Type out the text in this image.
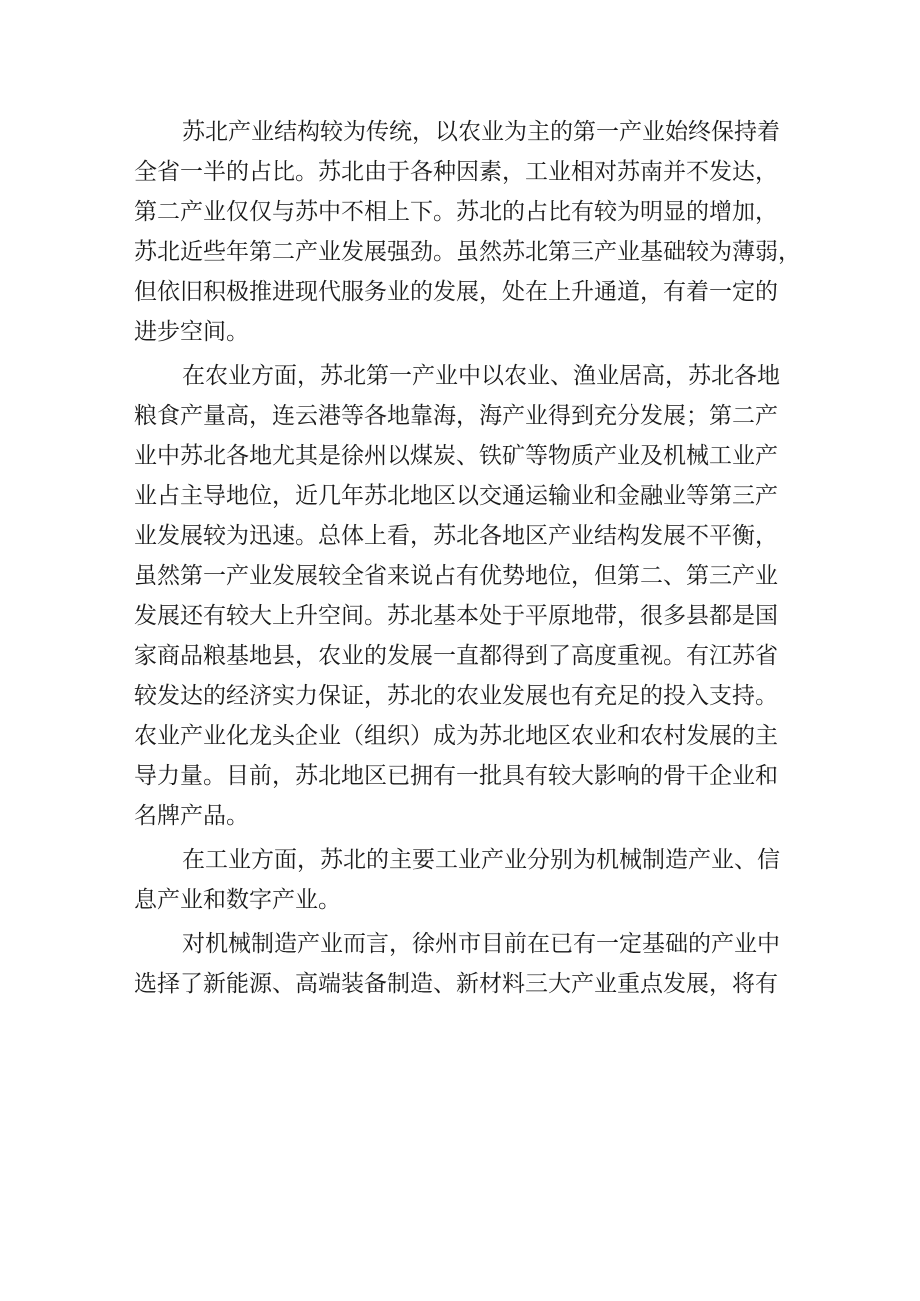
苏北产业结构较为传统，以农业为主的第一产业始终保持着
全省一半的占比。苏北由于各种因素，工业相对苏南并不发达，
第二产业仅仅与苏中不相上下。苏北的占比有较为明显的增加，
苏北近些年第二产业发展强劲。虽然苏北第三产业基础较为薄弱，
但依旧积极推进现代服务业的发展，处在上升通道，有着一定的
进步空间。

在农业方面，苏北第一产业中以农业、渔业居高，苏北各地
粮食产量高，连云港等各地靠海，海产业得到充分发展；第二产
业中苏北各地尤其是徐州以煤炭、铁矿等物质产业及机械工业产
业占主导地位，近几年苏北地区以交通运输业和金融业等第三产
业发展较为迅速。总体上看，苏北各地区产业结构发展不平衡，
虽然第一产业发展较全省来说占有优势地位，但第二、第三产业
发展还有较大上升空间。苏北基本处于平原地带，很多县都是国
家商品粮基地县，农业的发展一直都得到了高度重视。有江苏省
较发达的经济实力保证，苏北的农业发展也有充足的投入支持。
农业产业化龙头企业（组织）成为苏北地区农业和农村发展的主
导力量。目前，苏北地区已拥有一批具有较大影响的骨干企业和
名牌产品。

在工业方面，苏北的主要工业产业分别为机械制造产业、信
息产业和数字产业。

对机械制造产业而言，徐州市目前在已有一定基础的产业中
选择了新能源、高端装备制造、新材料三大产业重点发展，将有
